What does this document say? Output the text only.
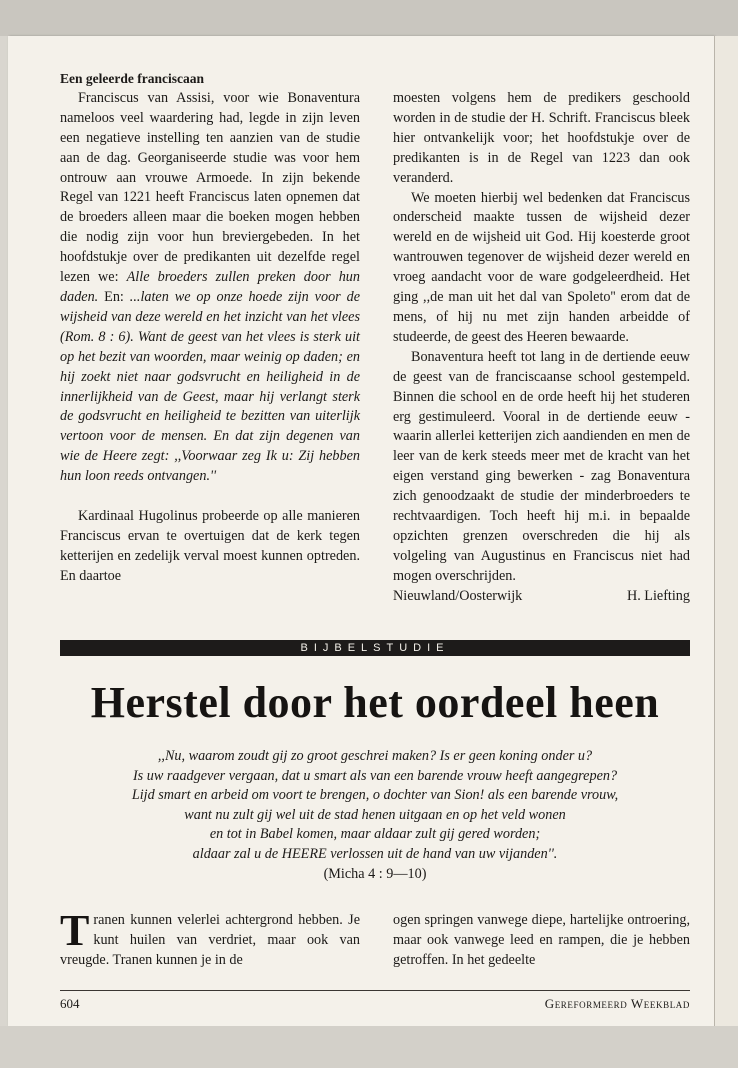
Een geleerde franciscaan

Franciscus van Assisi, voor wie Bonaventura nameloos veel waardering had, legde in zijn leven een negatieve instelling ten aanzien van de studie aan de dag. Georganiseerde studie was voor hem ontrouw aan vrouwe Armoede. In zijn bekende Regel van 1221 heeft Franciscus laten opnemen dat de broeders alleen maar die boeken mogen hebben die nodig zijn voor hun breviergebeden. In het hoofdstukje over de predikanten uit dezelfde regel lezen we: Alle broeders zullen preken door hun daden. En: ...laten we op onze hoede zijn voor de wijsheid van deze wereld en het inzicht van het vlees (Rom. 8 : 6). Want de geest van het vlees is sterk uit op het bezit van woorden, maar weinig op daden; en hij zoekt niet naar godsvrucht en heiligheid in de innerlijkheid van de Geest, maar hij verlangt sterk de godsvrucht en heiligheid te bezitten van uiterlijk vertoon voor de mensen. En dat zijn degenen van wie de Heere zegt: ,,Voorwaar zeg Ik u: Zij hebben hun loon reeds ontvangen.''

Kardinaal Hugolinus probeerde op alle manieren Franciscus ervan te overtuigen dat de kerk tegen ketterijen en zedelijk verval moest kunnen optreden. En daartoe

moesten volgens hem de predikers geschoold worden in de studie der H. Schrift. Franciscus bleek hier ontvankelijk voor; het hoofdstukje over de predikanten is in de Regel van 1223 dan ook veranderd.

We moeten hierbij wel bedenken dat Franciscus onderscheid maakte tussen de wijsheid dezer wereld en de wijsheid uit God. Hij koesterde groot wantrouwen tegenover de wijsheid dezer wereld en vroeg aandacht voor de ware godgeleerdheid. Het ging ,,de man uit het dal van Spoleto'' erom dat de mens, of hij nu met zijn handen arbeidde of studeerde, de geest des Heeren bewaarde.

Bonaventura heeft tot lang in de dertiende eeuw de geest van de franciscaanse school gestempeld. Binnen die school en de orde heeft hij het studeren erg gestimuleerd. Vooral in de dertiende eeuw - waarin allerlei ketterijen zich aandienden en men de leer van de kerk steeds meer met de kracht van het eigen verstand ging bewerken - zag Bonaventura zich genoodzaakt de studie der minderbroeders te rechtvaardigen. Toch heeft hij m.i. in bepaalde opzichten grenzen overschreden die hij als volgeling van Augustinus en Franciscus niet had mogen overschrijden.

Nieuwland/Oosterwijk	H. Liefting
BIJBELSTUDIE
Herstel door het oordeel heen

,,Nu, waarom zoudt gij zo groot geschrei maken? Is er geen koning onder u?

Is uw raadgever vergaan, dat u smart als van een barende vrouw heeft aangegrepen?

Lijd smart en arbeid om voort te brengen, o dochter van Sion! als een barende vrouw,

want nu zult gij wel uit de stad henen uitgaan en op het veld wonen

en tot in Babel komen, maar aldaar zult gij gered worden;

aldaar zal u de HEERE verlossen uit de hand van uw vijanden''.

(Micha 4 : 9—10)

Tranen kunnen velerlei achtergrond hebben. Je kunt huilen van verdriet, maar ook van vreugde. Tranen kunnen je in de

ogen springen vanwege diepe, hartelijke ontroering, maar ook vanwege leed en rampen, die je hebben getroffen. In het gedeelte

604	Gereformeerd Weekblad
